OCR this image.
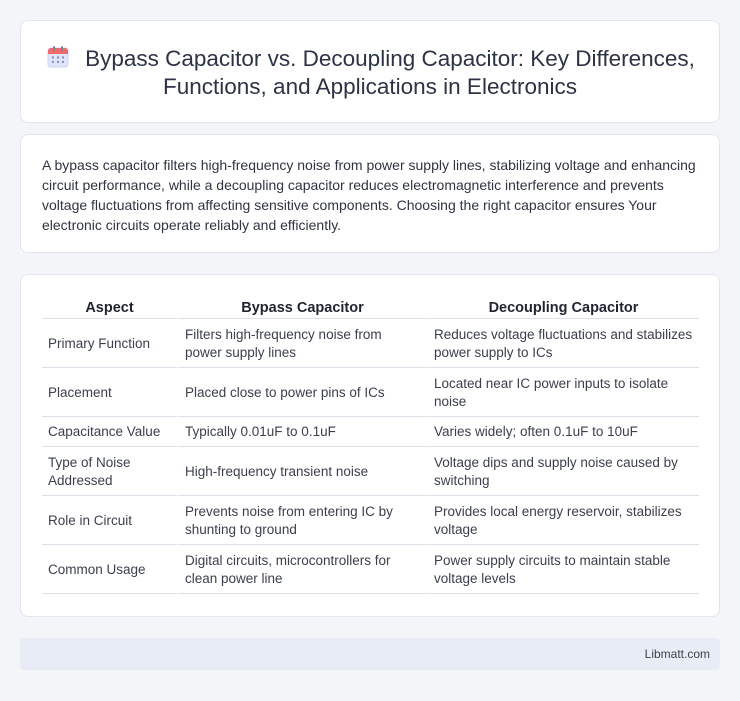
Bypass Capacitor vs. Decoupling Capacitor: Key Differences, Functions, and Applications in Electronics

A bypass capacitor filters high-frequency noise from power supply lines, stabilizing voltage and enhancing circuit performance, while a decoupling capacitor reduces electromagnetic interference and prevents voltage fluctuations from affecting sensitive components. Choosing the right capacitor ensures Your electronic circuits operate reliably and efficiently.

Aspect	Bypass Capacitor	Decoupling Capacitor
Primary Function	Filters high-frequency noise from power supply lines	Reduces voltage fluctuations and stabilizes power supply to ICs
Placement	Placed close to power pins of ICs	Located near IC power inputs to isolate noise
Capacitance Value	Typically 0.01uF to 0.1uF	Varies widely; often 0.1uF to 10uF
Type of Noise Addressed	High-frequency transient noise	Voltage dips and supply noise caused by switching
Role in Circuit	Prevents noise from entering IC by shunting to ground	Provides local energy reservoir, stabilizes voltage
Common Usage	Digital circuits, microcontrollers for clean power line	Power supply circuits to maintain stable voltage levels
Libmatt.com
